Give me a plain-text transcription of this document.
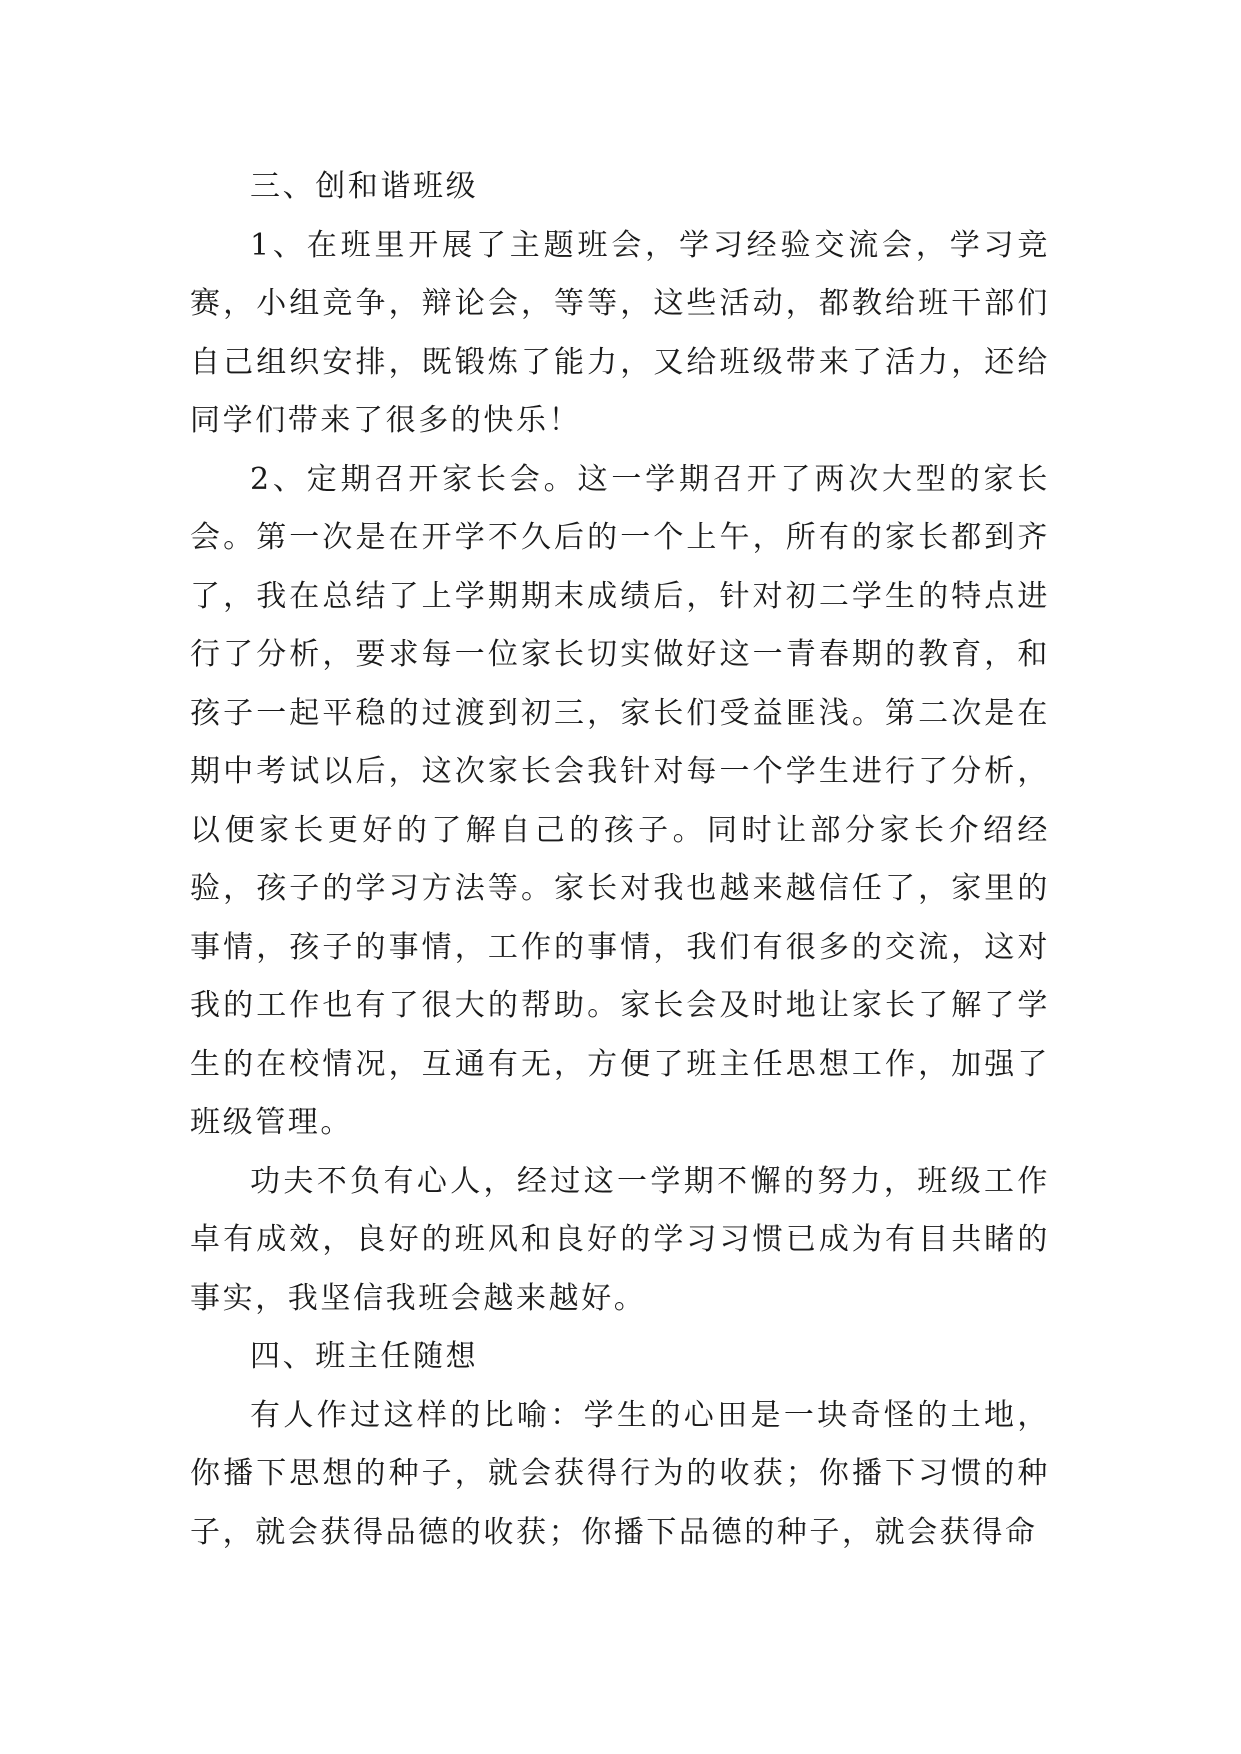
三、创和谐班级

1、在班里开展了主题班会，学习经验交流会，学习竞赛，小组竞争，辩论会，等等，这些活动，都教给班干部们自己组织安排，既锻炼了能力，又给班级带来了活力，还给同学们带来了很多的快乐！

2、定期召开家长会。这一学期召开了两次大型的家长会。第一次是在开学不久后的一个上午，所有的家长都到齐了，我在总结了上学期期末成绩后，针对初二学生的特点进行了分析，要求每一位家长切实做好这一青春期的教育，和孩子一起平稳的过渡到初三，家长们受益匪浅。第二次是在期中考试以后，这次家长会我针对每一个学生进行了分析，以便家长更好的了解自己的孩子。同时让部分家长介绍经验，孩子的学习方法等。家长对我也越来越信任了，家里的事情，孩子的事情，工作的事情，我们有很多的交流，这对我的工作也有了很大的帮助。家长会及时地让家长了解了学生的在校情况，互通有无，方便了班主任思想工作，加强了班级管理。

功夫不负有心人，经过这一学期不懈的努力，班级工作卓有成效，良好的班风和良好的学习习惯已成为有目共睹的事实，我坚信我班会越来越好。

四、班主任随想

有人作过这样的比喻：学生的心田是一块奇怪的土地，你播下思想的种子，就会获得行为的收获；你播下习惯的种子，就会获得品德的收获；你播下品德的种子，就会获得命
